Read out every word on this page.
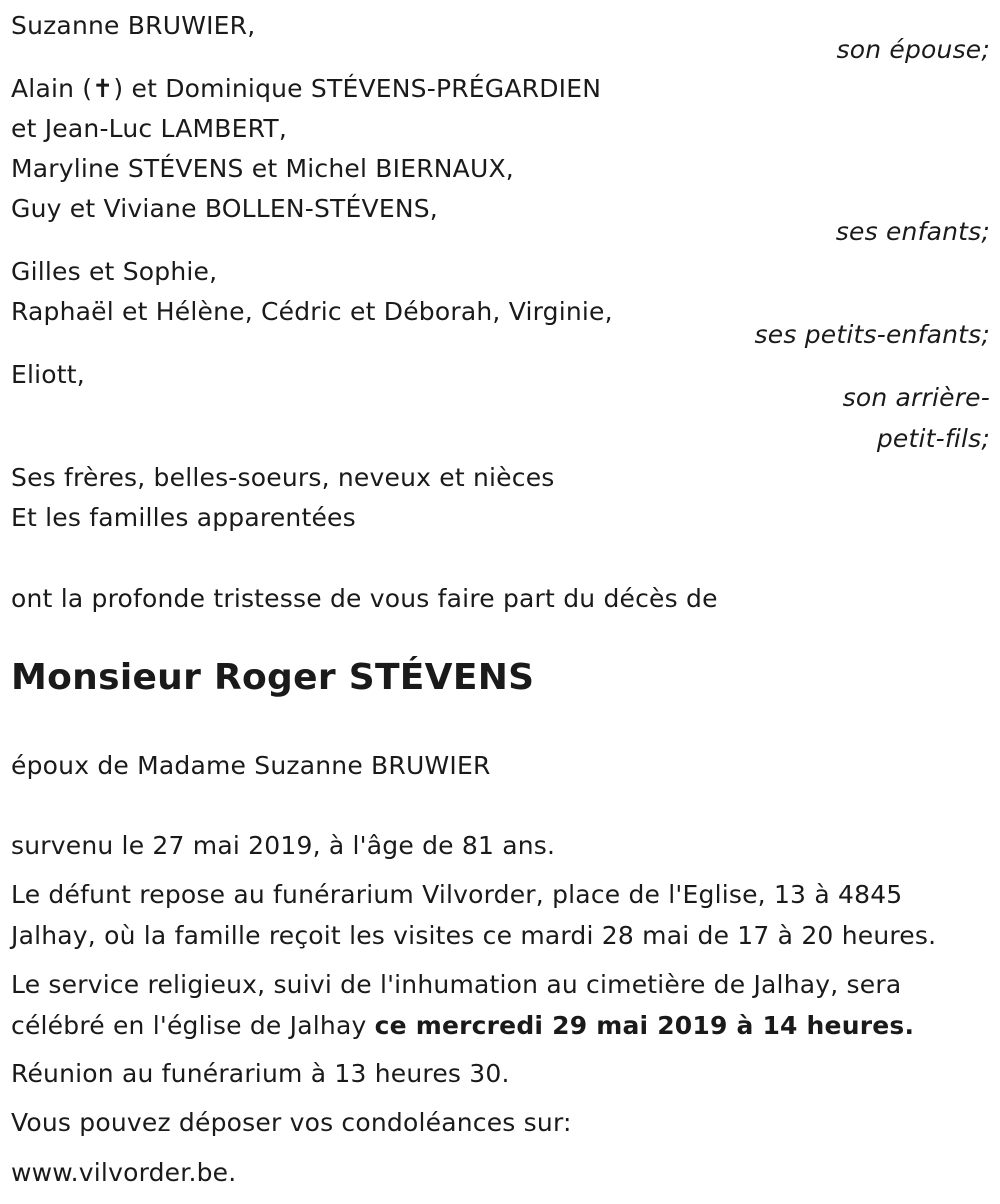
Suzanne BRUWIER,
son épouse;
Alain (✝) et Dominique STÉVENS-PRÉGARDIEN
et Jean-Luc LAMBERT,
Maryline STÉVENS et Michel BIERNAUX,
Guy et Viviane BOLLEN-STÉVENS,
ses enfants;
Gilles et Sophie,
Raphaël et Hélène, Cédric et Déborah, Virginie,
ses petits-enfants;
Eliott,
son arrière-
petit-fils;
Ses frères, belles-soeurs, neveux et nièces
Et les familles apparentées
ont la profonde tristesse de vous faire part du décès de
Monsieur Roger STÉVENS
époux de Madame Suzanne BRUWIER
survenu le 27 mai 2019, à l'âge de 81 ans.
Le défunt repose au funérarium Vilvorder, place de l'Eglise, 13 à 4845 Jalhay, où la famille reçoit les visites ce mardi 28 mai de 17 à 20 heures.
Le service religieux, suivi de l'inhumation au cimetière de Jalhay, sera célébré en l'église de Jalhay ce mercredi 29 mai 2019 à 14 heures.
Réunion au funérarium à 13 heures 30.
Vous pouvez déposer vos condoléances sur:
www.vilvorder.be.
